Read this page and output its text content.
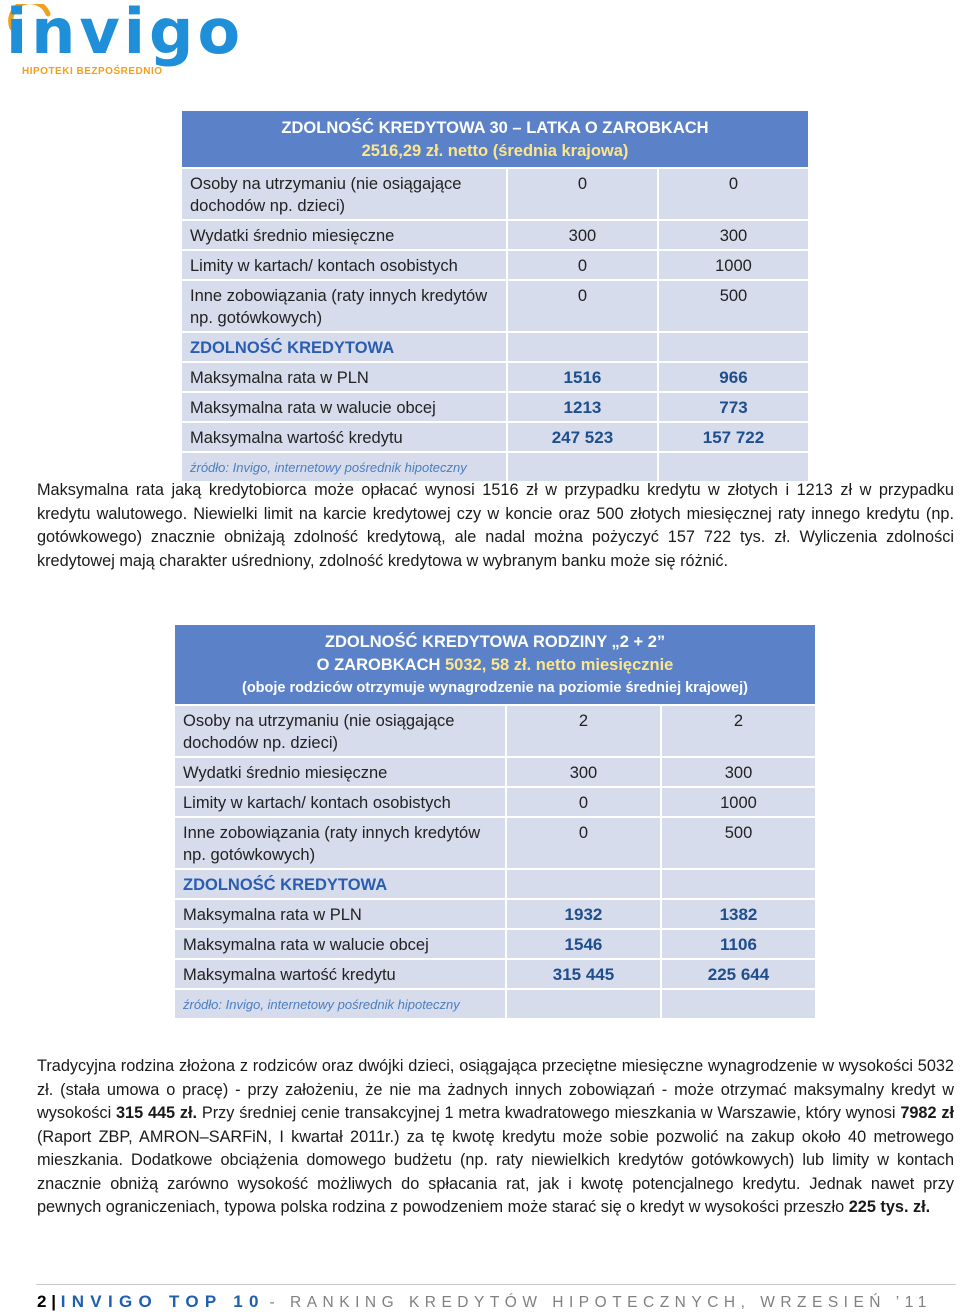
invigo
HIPOTEKI BEZPOŚREDNIO
ZDOLNOŚĆ KREDYTOWA 30 – LATKA O ZAROBKACH
2516,29 zł. netto (średnia krajowa)		

Osoby na utrzymaniu (nie osiągające dochodów np. dzieci)	0	0
Wydatki średnio miesięczne	300	300
Limity w kartach/ kontach osobistych	0	1000
Inne zobowiązania (raty innych kredytów np. gotówkowych)	0	500
ZDOLNOŚĆ KREDYTOWA		
Maksymalna rata w PLN	1516	966
Maksymalna rata w walucie obcej	1213	773
Maksymalna wartość kredytu	247 523	157 722
źródło: Invigo, internetowy pośrednik hipoteczny		

Maksymalna rata jaką kredytobiorca może opłacać wynosi 1516 zł w przypadku kredytu w złotych i 1213 zł w przypadku kredytu walutowego. Niewielki limit na karcie kredytowej czy w koncie oraz 500 złotych miesięcznej raty innego kredytu (np. gotówkowego) znacznie obniżają zdolność kredytową, ale nadal można pożyczyć 157 722 tys. zł. Wyliczenia zdolności kredytowej mają charakter uśredniony, zdolność kredytowa w wybranym banku może się różnić.

ZDOLNOŚĆ KREDYTOWA RODZINY „2 + 2”
O ZAROBKACH 5032, 58 zł. netto miesięcznie
(oboje rodziców otrzymuje wynagrodzenie na poziomie średniej krajowej)		

Osoby na utrzymaniu (nie osiągające dochodów np. dzieci)	2	2
Wydatki średnio miesięczne	300	300
Limity w kartach/ kontach osobistych	0	1000
Inne zobowiązania (raty innych kredytów np. gotówkowych)	0	500
ZDOLNOŚĆ KREDYTOWA		
Maksymalna rata w PLN	1932	1382
Maksymalna rata w walucie obcej	1546	1106
Maksymalna wartość kredytu	315 445	225 644
źródło: Invigo, internetowy pośrednik hipoteczny		

Tradycyjna rodzina złożona z rodziców oraz dwójki dzieci, osiągająca przeciętne miesięczne wynagrodzenie w wysokości 5032 zł. (stała umowa o pracę) - przy założeniu, że nie ma żadnych innych zobowiązań - może otrzymać maksymalny kredyt w wysokości 315 445 zł. Przy średniej cenie transakcyjnej 1 metra kwadratowego mieszkania w Warszawie, który wynosi 7982 zł (Raport ZBP, AMRON–SARFiN, I kwartał 2011r.) za tę kwotę kredytu może sobie pozwolić na zakup około 40 metrowego mieszkania. Dodatkowe obciążenia domowego budżetu (np. raty niewielkich kredytów gotówkowych) lub limity w kontach znacznie obniżą zarówno wysokość możliwych do spłacania rat, jak i kwotę potencjalnego kredytu. Jednak nawet przy pewnych ograniczeniach, typowa polska rodzina z powodzeniem może starać się o kredyt w wysokości przeszło 225 tys. zł.

2 | INVIGO TOP 10 - RANKING KREDYTÓW HIPOTECZNYCH, WRZESIEŃ ’11
